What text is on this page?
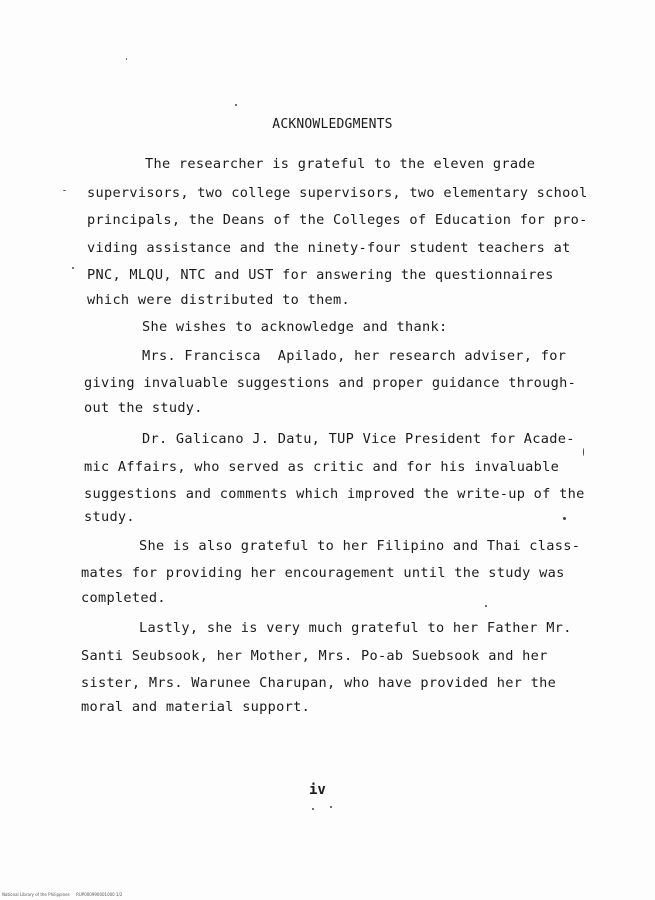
ACKNOWLEDGMENTS
The researcher is grateful to the eleven grade
supervisors, two college supervisors, two elementary school
principals, the Deans of the Colleges of Education for pro-
viding assistance and the ninety-four student teachers at
PNC, MLQU, NTC and UST for answering the questionnaires
which were distributed to them.
She wishes to acknowledge and thank:
Mrs. Francisca  Apilado, her research adviser, for
giving invaluable suggestions and proper guidance through-
out the study.
Dr. Galicano J. Datu, TUP Vice President for Acade-
mic Affairs, who served as critic and for his invaluable
suggestions and comments which improved the write-up of the
study.
She is also grateful to her Filipino and Thai class-
mates for providing her encouragement until the study was
completed.
Lastly, she is very much grateful to her Father Mr.
Santi Seubsook, her Mother, Mrs. Po-ab Suebsook and her
sister, Mrs. Warunee Charupan, who have provided her the
moral and material support.
iv
National Library of the Philippines     RUP000990001000 1/2
